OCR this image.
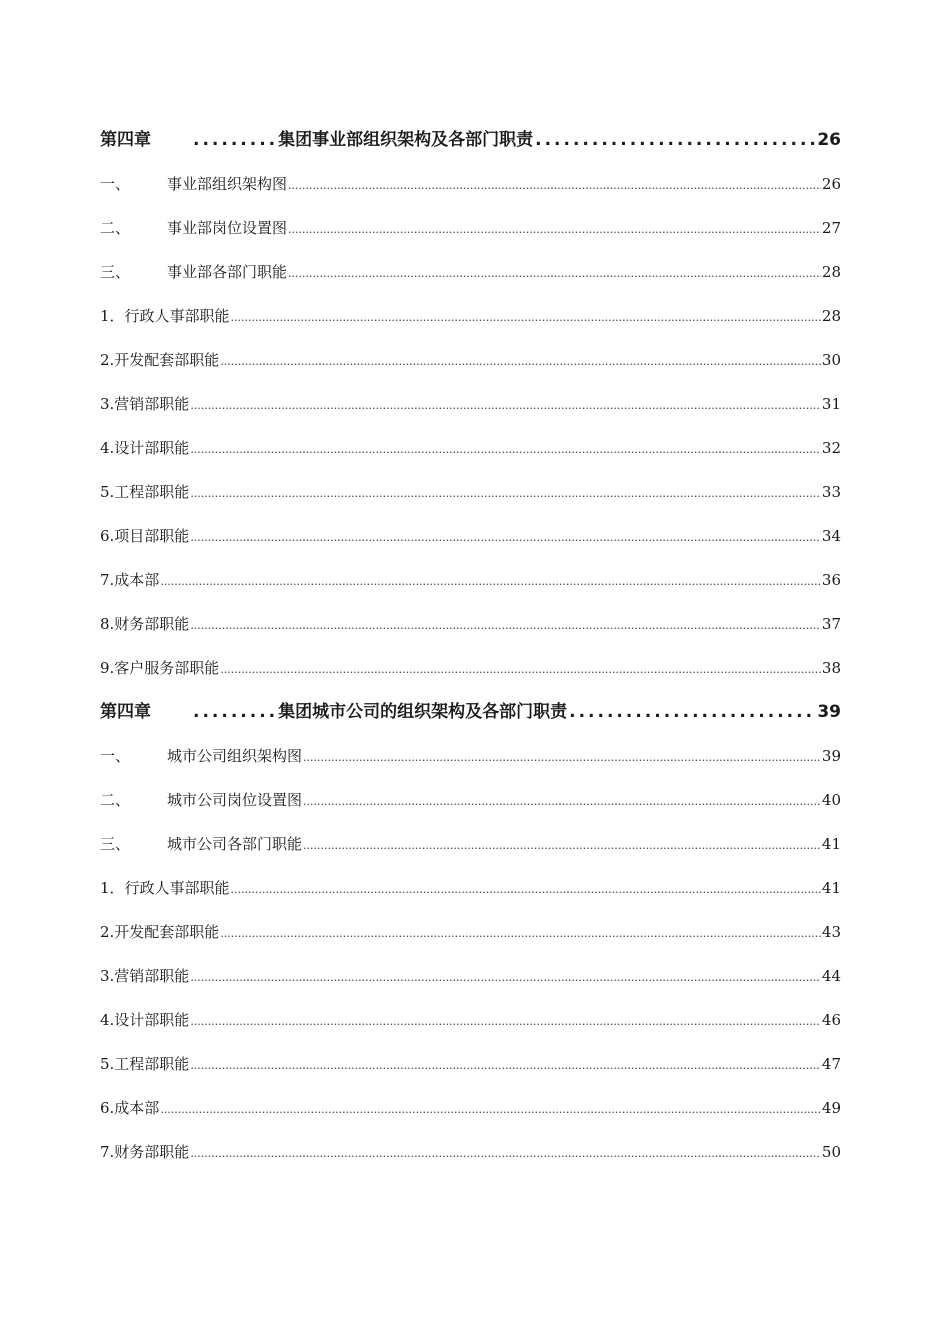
第四章	......... 集团事业部组织架构及各部门职责 .....	26
一、	事业部组织架构图 .....	26
二、	事业部岗位设置图 .....	27
三、	事业部各部门职能 .....	28
1．行政人事部职能 .....	28
2.开发配套部职能 .....	30
3.营销部职能 .....	31
4.设计部职能 .....	32
5.工程部职能 .....	33
6.项目部职能 .....	34
7.成本部 .....	36
8.财务部职能 .....	37
9.客户服务部职能 .....	38
第四章	......... 集团城市公司的组织架构及各部门职责 .....	39
一、	城市公司组织架构图 .....	39
二、	城市公司岗位设置图 .....	40
三、	城市公司各部门职能 .....	41
1．行政人事部职能 .....	41
2.开发配套部职能 .....	43
3.营销部职能 .....	44
4.设计部职能 .....	46
5.工程部职能 .....	47
6.成本部 .....	49
7.财务部职能 .....	50
